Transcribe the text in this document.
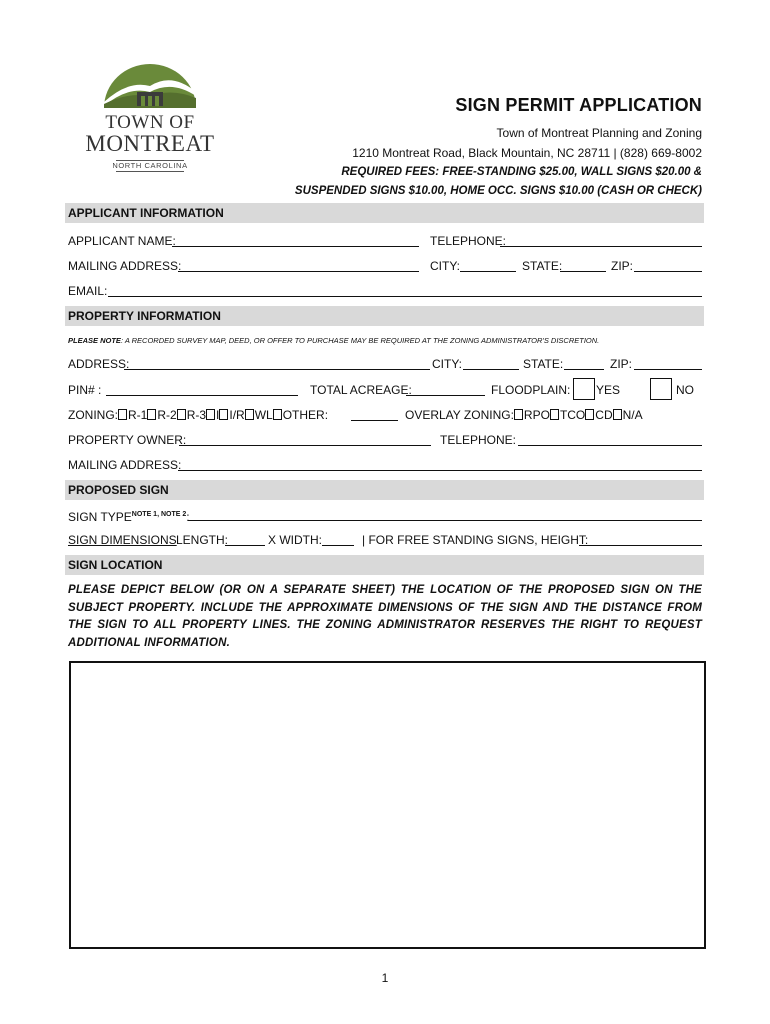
TOWN OF
MONTREAT
NORTH CAROLINA
SIGN PERMIT APPLICATION
Town of Montreat Planning and Zoning
1210 Montreat Road, Black Mountain, NC 28711 | (828) 669-8002
REQUIRED FEES: FREE-STANDING $25.00, WALL SIGNS $20.00 &
SUSPENDED SIGNS $10.00, HOME OCC. SIGNS $10.00 (CASH OR CHECK)
APPLICANT INFORMATION
APPLICANT NAME:	TELEPHONE:
MAILING ADDRESS:	CITY:	STATE:	ZIP:
EMAIL:
PROPERTY INFORMATION
PLEASE NOTE: A RECORDED SURVEY MAP, DEED, OR OFFER TO PURCHASE MAY BE REQUIRED AT THE ZONING ADMINISTRATOR'S DISCRETION.
ADDRESS:	CITY:	STATE:	ZIP:
PIN# :	TOTAL ACREAGE:	FLOODPLAIN: YES	NO
ZONING: R-1 R-2 R-3 I I/R WL OTHER:	OVERLAY ZONING: RPO TCO CD N/A
PROPERTY OWNER:	TELEPHONE:
MAILING ADDRESS:
PROPOSED SIGN
SIGN $TYPE^{NOTE 1, NOTE 2}$:
SIGN DIMENSIONS LENGTH:	X WIDTH:	| FOR FREE STANDING SIGNS, HEIGHT:
SIGN LOCATION
PLEASE DEPICT BELOW (OR ON A SEPARATE SHEET) THE LOCATION OF THE PROPOSED SIGN ON THE SUBJECT PROPERTY. INCLUDE THE APPROXIMATE DIMENSIONS OF THE SIGN AND THE DISTANCE FROM THE SIGN TO ALL PROPERTY LINES. THE ZONING ADMINISTRATOR RESERVES THE RIGHT TO REQUEST ADDITIONAL INFORMATION.
1
